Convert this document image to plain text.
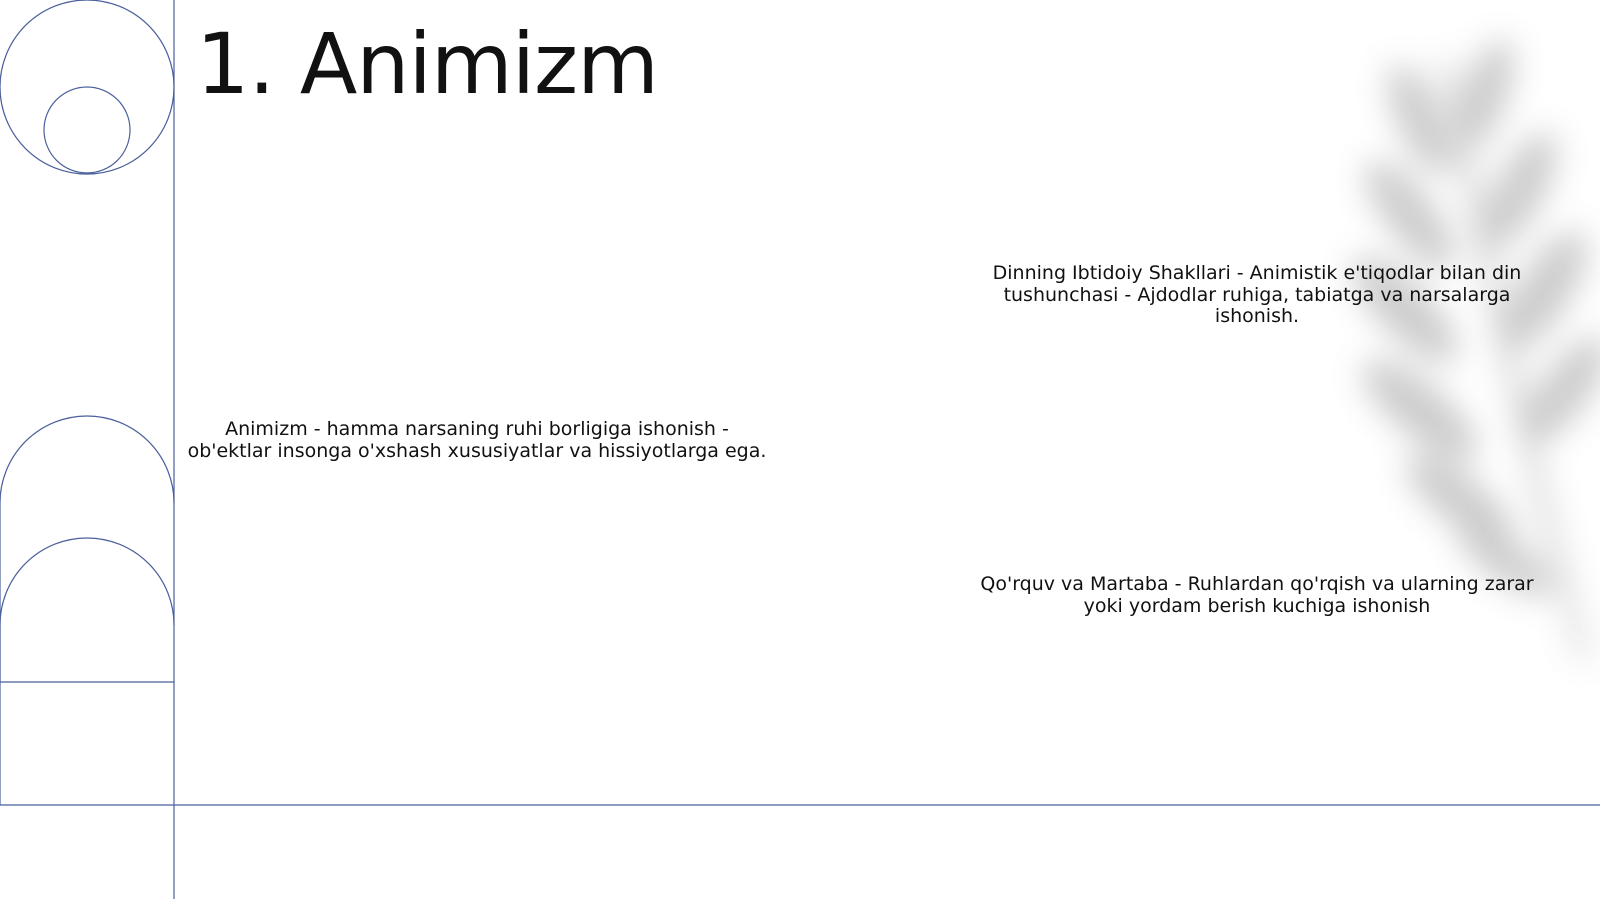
1. Animizm

Animizm - hamma narsaning ruhi borligiga ishonish - ob'ektlar insonga o'xshash xususiyatlar va hissiyotlarga ega.

Dinning Ibtidoiy Shakllari - Animistik e'tiqodlar bilan din tushunchasi - Ajdodlar ruhiga, tabiatga va narsalarga ishonish.

Qo'rquv va Martaba - Ruhlardan qo'rqish va ularning zarar yoki yordam berish kuchiga ishonish
